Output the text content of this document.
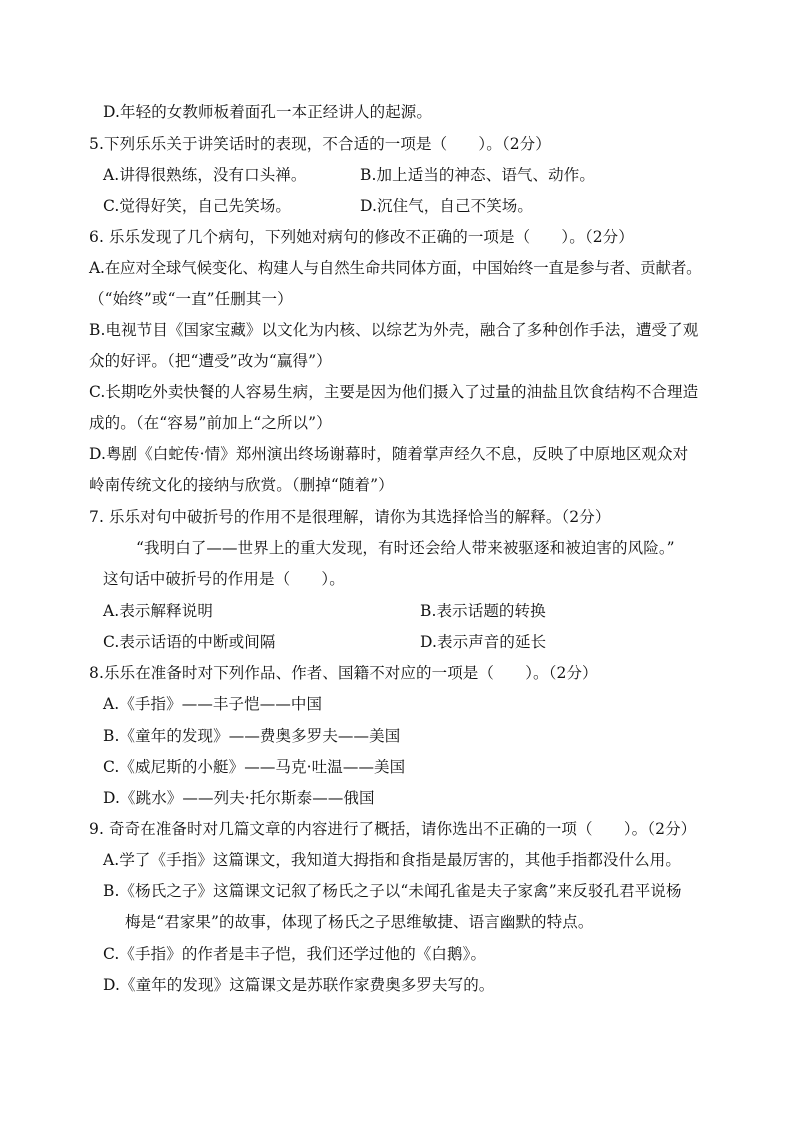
D.年轻的女教师板着面孔一本正经讲人的起源。
5.下列乐乐关于讲笑话时的表现，不合适的一项是（　　）。（2分）
A.讲得很熟练，没有口头禅。	B.加上适当的神态、语气、动作。
C.觉得好笑，自己先笑场。	D.沉住气，自己不笑场。
6. 乐乐发现了几个病句，下列她对病句的修改不正确的一项是（　　）。（2分）
A.在应对全球气候变化、构建人与自然生命共同体方面，中国始终一直是参与者、贡献者。
（“始终”或“一直”任删其一）
B.电视节目《国家宝藏》以文化为内核、以综艺为外壳，融合了多种创作手法，遭受了观
众的好评。（把“遭受”改为“赢得”）
C.长期吃外卖快餐的人容易生病，主要是因为他们摄入了过量的油盐且饮食结构不合理造
成的。（在“容易”前加上“之所以”）
D.粤剧《白蛇传·情》郑州演出终场谢幕时，随着掌声经久不息，反映了中原地区观众对
岭南传统文化的接纳与欣赏。（删掉“随着”）
7. 乐乐对句中破折号的作用不是很理解，请你为其选择恰当的解释。（2分）
“我明白了——世界上的重大发现，有时还会给人带来被驱逐和被迫害的风险。”
这句话中破折号的作用是（　　）。
A.表示解释说明	B.表示话题的转换
C.表示话语的中断或间隔	D.表示声音的延长
8.乐乐在准备时对下列作品、作者、国籍不对应的一项是（　　）。（2分）
A.《手指》——丰子恺——中国
B.《童年的发现》——费奥多罗夫——美国
C.《威尼斯的小艇》——马克·吐温——美国
D.《跳水》——列夫·托尔斯泰——俄国
9. 奇奇在准备时对几篇文章的内容进行了概括，请你选出不正确的一项（　　）。（2分）
A.学了《手指》这篇课文，我知道大拇指和食指是最厉害的，其他手指都没什么用。
B.《杨氏之子》这篇课文记叙了杨氏之子以“未闻孔雀是夫子家禽”来反驳孔君平说杨
梅是“君家果”的故事，体现了杨氏之子思维敏捷、语言幽默的特点。
C.《手指》的作者是丰子恺，我们还学过他的《白鹅》。
D.《童年的发现》这篇课文是苏联作家费奥多罗夫写的。
